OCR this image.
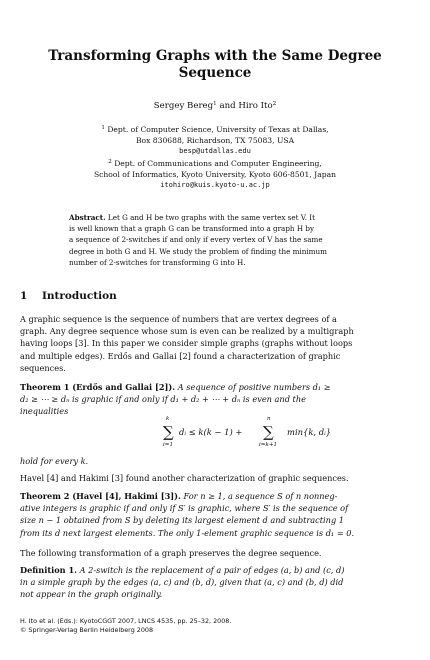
Transforming Graphs with the Same Degree
Sequence
Sergey Bereg$^1$ and Hiro Ito$^2$
$^1$ Dept. of Computer Science, University of Texas at Dallas,
Box 830688, Richardson, TX 75083, USA
besp@utdallas.edu
$^2$ Dept. of Communications and Computer Engineering,
School of Informatics, Kyoto University, Kyoto 606-8501, Japan
itohiro@kuis.kyoto-u.ac.jp
Abstract. Let G and H be two graphs with the same vertex set V. It
is well known that a graph G can be transformed into a graph H by
a sequence of 2-switches if and only if every vertex of V has the same
degree in both G and H. We study the problem of finding the minimum
number of 2-switches for transforming G into H.
1 Introduction
A graphic sequence is the sequence of numbers that are vertex degrees of a
graph. Any degree sequence whose sum is even can be realized by a multigraph
having loops [3]. In this paper we consider simple graphs (graphs without loops
and multiple edges). Erdős and Gallai [2] found a characterization of graphic
sequences.
Theorem 1 (Erdős and Gallai [2]). A sequence of positive numbers d₁ ≥
d₂ ≥ ⋯ ≥ dₙ is graphic if and only if d₁ + d₂ + ⋯ + dₙ is even and the
inequalities
k
∑
i=1
dᵢ ≤ k(k − 1) +
n
∑
i=k+1
min{k, dᵢ}
hold for every k.
Havel [4] and Hakimi [3] found another characterization of graphic sequences.
Theorem 2 (Havel [4], Hakimi [3]). For n ≥ 1, a sequence S of n nonneg-
ative integers is graphic if and only if S′ is graphic, where S′ is the sequence of
size n − 1 obtained from S by deleting its largest element d and subtracting 1
from its d next largest elements. The only 1-element graphic sequence is d₁ = 0.
The following transformation of a graph preserves the degree sequence.
Definition 1. A 2-switch is the replacement of a pair of edges (a, b) and (c, d)
in a simple graph by the edges (a, c) and (b, d), given that (a, c) and (b, d) did
not appear in the graph originally.
H. Ito et al. (Eds.): KyotoCGGT 2007, LNCS 4535, pp. 25–32, 2008.
© Springer-Verlag Berlin Heidelberg 2008
